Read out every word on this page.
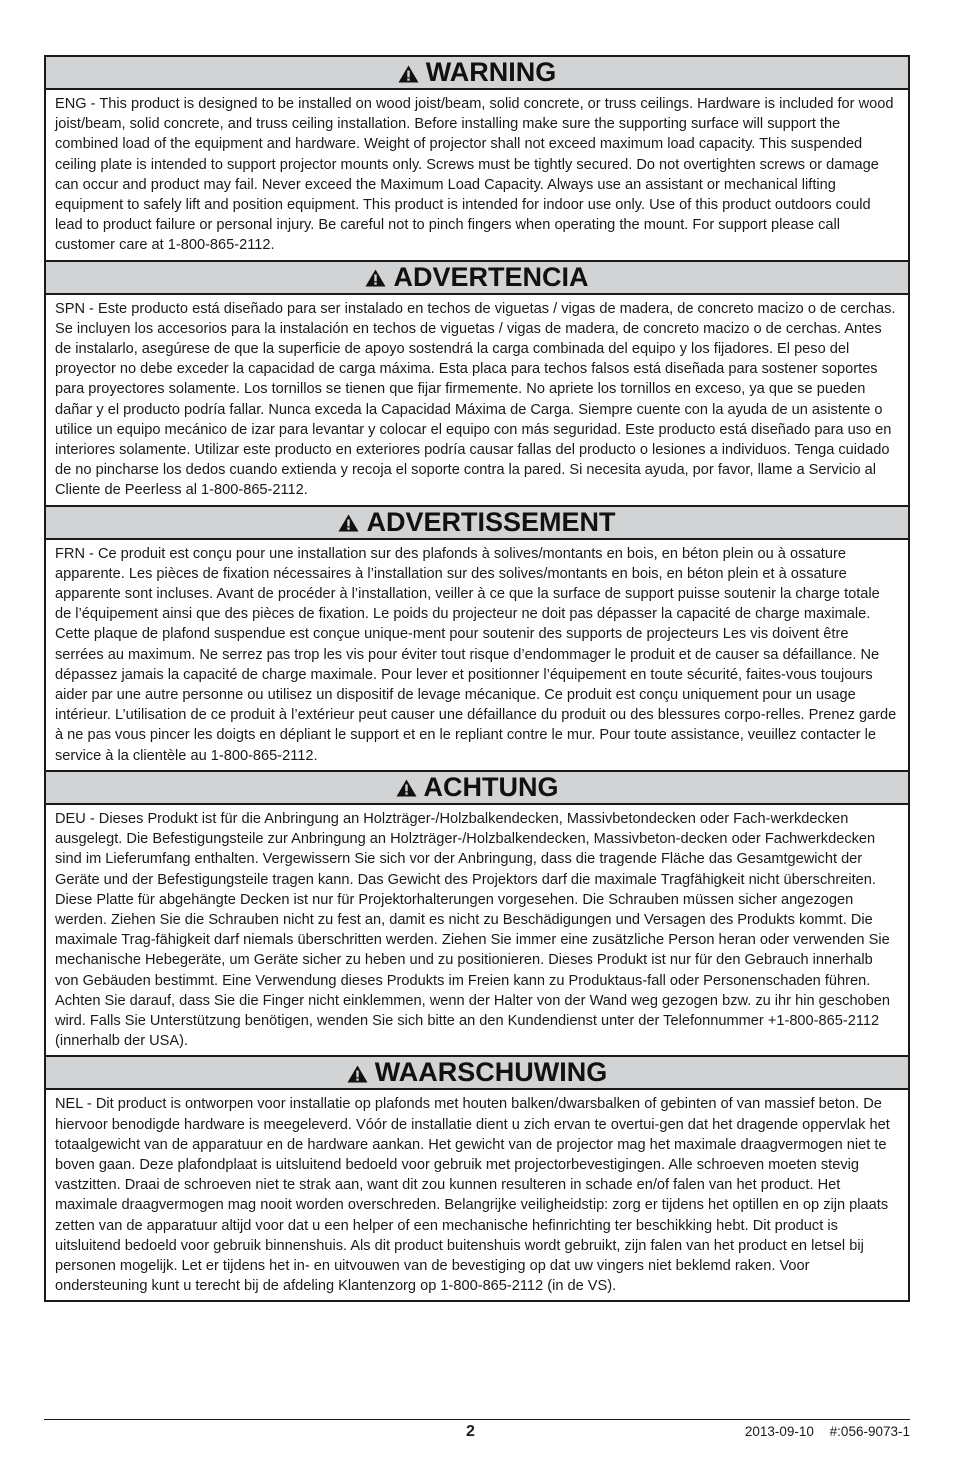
WARNING

ENG - This product is designed to be installed on wood joist/beam, solid concrete, or truss ceilings. Hardware is included for wood joist/beam, solid concrete, and truss ceiling installation. Before installing make sure the supporting surface will support the combined load of the equipment and hardware. Weight of projector shall not exceed maximum load capacity. This suspended ceiling plate is intended to support projector mounts only. Screws must be tightly secured. Do not overtighten screws or damage can occur and product may fail. Never exceed the Maximum Load Capacity. Always use an assistant or mechanical lifting equipment to safely lift and position equipment. This product is intended for indoor use only. Use of this product outdoors could lead to product failure or personal injury. Be careful not to pinch fingers when operating the mount. For support please call customer care at 1-800-865-2112.

ADVERTENCIA

SPN - Este producto está diseñado para ser instalado en techos de viguetas / vigas de madera, de concreto macizo o de cerchas. Se incluyen los accesorios para la instalación en techos de viguetas / vigas de madera, de concreto macizo o de cerchas. Antes de instalarlo, asegúrese de que la superficie de apoyo sostendrá la carga combinada del equipo y los fijadores. El peso del proyector no debe exceder la capacidad de carga máxima. Esta placa para techos falsos está diseñada para sostener soportes para proyectores solamente. Los tornillos se tienen que fijar firmemente. No apriete los tornillos en exceso, ya que se pueden dañar y el producto podría fallar. Nunca exceda la Capacidad Máxima de Carga. Siempre cuente con la ayuda de un asistente o utilice un equipo mecánico de izar para levantar y colocar el equipo con más seguridad. Este producto está diseñado para uso en interiores solamente. Utilizar este producto en exteriores podría causar fallas del producto o lesiones a individuos. Tenga cuidado de no pincharse los dedos cuando extienda y recoja el soporte contra la pared. Si necesita ayuda, por favor, llame a Servicio al Cliente de Peerless al 1-800-865-2112.

ADVERTISSEMENT

FRN - Ce produit est conçu pour une installation sur des plafonds à solives/montants en bois, en béton plein ou à ossature apparente. Les pièces de fixation nécessaires à l’installation sur des solives/montants en bois, en béton plein et à ossature apparente sont incluses. Avant de procéder à l’installation, veiller à ce que la surface de support puisse soutenir la charge totale de l’équipement ainsi que des pièces de fixation. Le poids du projecteur ne doit pas dépasser la capacité de charge maximale. Cette plaque de plafond suspendue est conçue unique-ment pour soutenir des supports de projecteurs Les vis doivent être serrées au maximum. Ne serrez pas trop les vis pour éviter tout risque d’endommager le produit et de causer sa défaillance. Ne dépassez jamais la capacité de charge maximale. Pour lever et positionner l’équipement en toute sécurité, faites-vous toujours aider par une autre personne ou utilisez un dispositif de levage mécanique. Ce produit est conçu uniquement pour un usage intérieur. L’utilisation de ce produit à l’extérieur peut causer une défaillance du produit ou des blessures corpo-relles. Prenez garde à ne pas vous pincer les doigts en dépliant le support et en le repliant contre le mur. Pour toute assistance, veuillez contacter le service à la clientèle au 1-800-865-2112.

ACHTUNG

DEU - Dieses Produkt ist für die Anbringung an Holzträger-/Holzbalkendecken, Massivbetondecken oder Fach-werkdecken ausgelegt. Die Befestigungsteile zur Anbringung an Holzträger-/Holzbalkendecken, Massivbeton-decken oder Fachwerkdecken sind im Lieferumfang enthalten. Vergewissern Sie sich vor der Anbringung, dass die tragende Fläche das Gesamtgewicht der Geräte und der Befestigungsteile tragen kann. Das Gewicht des Projektors darf die maximale Tragfähigkeit nicht überschreiten. Diese Platte für abgehängte Decken ist nur für Projektorhalterungen vorgesehen. Die Schrauben müssen sicher angezogen werden. Ziehen Sie die Schrauben nicht zu fest an, damit es nicht zu Beschädigungen und Versagen des Produkts kommt. Die maximale Trag-fähigkeit darf niemals überschritten werden. Ziehen Sie immer eine zusätzliche Person heran oder verwenden Sie mechanische Hebegeräte, um Geräte sicher zu heben und zu positionieren. Dieses Produkt ist nur für den Gebrauch innerhalb von Gebäuden bestimmt. Eine Verwendung dieses Produkts im Freien kann zu Produktaus-fall oder Personenschaden führen. Achten Sie darauf, dass Sie die Finger nicht einklemmen, wenn der Halter von der Wand weg gezogen bzw. zu ihr hin geschoben wird. Falls Sie Unterstützung benötigen, wenden Sie sich bitte an den Kundendienst unter der Telefonnummer +1-800-865-2112 (innerhalb der USA).

WAARSCHUWING

NEL - Dit product is ontworpen voor installatie op plafonds met houten balken/dwarsbalken of gebinten of van massief beton. De hiervoor benodigde hardware is meegeleverd. Vóór de installatie dient u zich ervan te overtui-gen dat het dragende oppervlak het totaalgewicht van de apparatuur en de hardware aankan. Het gewicht van de projector mag het maximale draagvermogen niet te boven gaan. Deze plafondplaat is uitsluitend bedoeld voor gebruik met projectorbevestigingen. Alle schroeven moeten stevig vastzitten. Draai de schroeven niet te strak aan, want dit zou kunnen resulteren in schade en/of falen van het product. Het maximale draagvermogen mag nooit worden overschreden. Belangrijke veiligheidstip: zorg er tijdens het optillen en op zijn plaats zetten van de apparatuur altijd voor dat u een helper of een mechanische hefinrichting ter beschikking hebt. Dit product is uitsluitend bedoeld voor gebruik binnenshuis. Als dit product buitenshuis wordt gebruikt, zijn falen van het product en letsel bij personen mogelijk. Let er tijdens het in- en uitvouwen van de bevestiging op dat uw vingers niet beklemd raken. Voor ondersteuning kunt u terecht bij de afdeling Klantenzorg op 1-800-865-2112 (in de VS).

2	2013-09-10 #:056-9073-1
